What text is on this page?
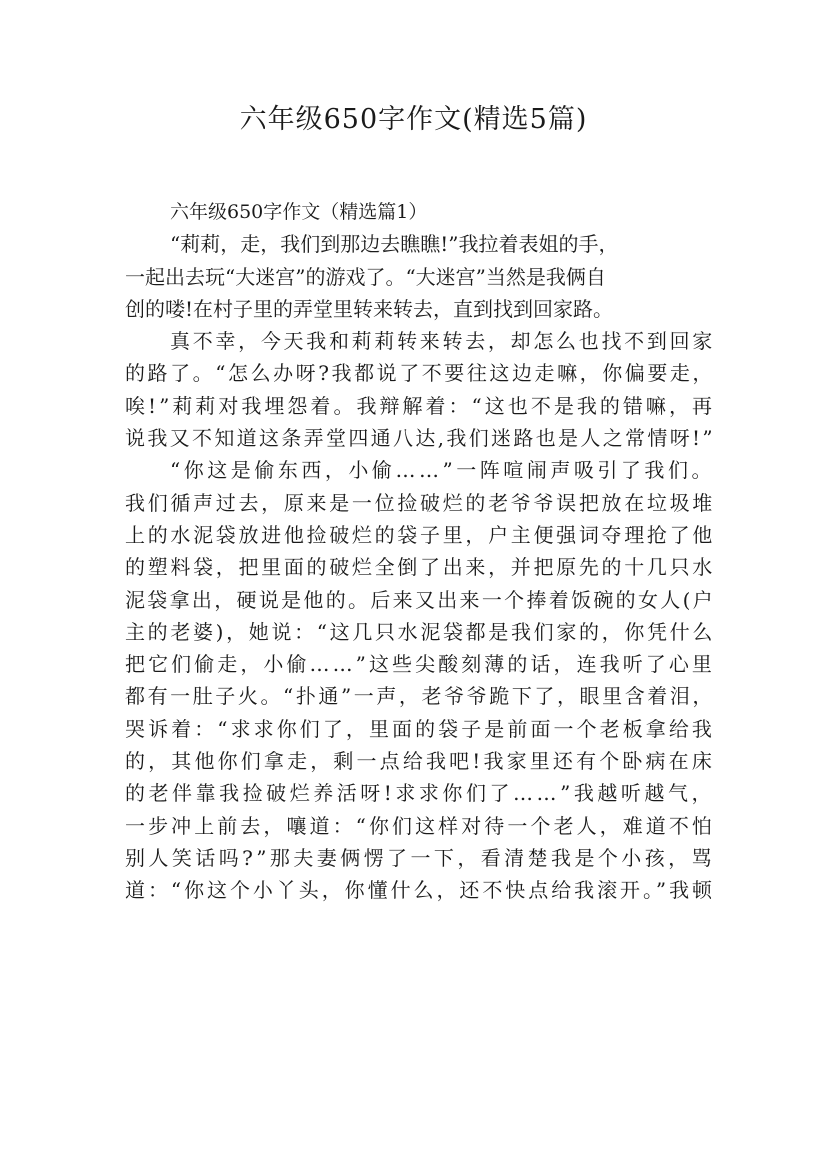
六年级650字作文(精选5篇)
六年级650字作文（精选篇1）
“莉莉，走，我们到那边去瞧瞧!”我拉着表姐的手，
一起出去玩“大迷宫”的游戏了。“大迷宫”当然是我俩自
创的喽!在村子里的弄堂里转来转去，直到找到回家路。
真不幸，今天我和莉莉转来转去，却怎么也找不到回家
的路了。“怎么办呀?我都说了不要往这边走嘛，你偏要走，
唉!”莉莉对我埋怨着。我辩解着：“这也不是我的错嘛，再
说我又不知道这条弄堂四通八达,我们迷路也是人之常情呀!”
“你这是偷东西，小偷……”一阵喧闹声吸引了我们。
我们循声过去，原来是一位捡破烂的老爷爷误把放在垃圾堆
上的水泥袋放进他捡破烂的袋子里，户主便强词夺理抢了他
的塑料袋，把里面的破烂全倒了出来，并把原先的十几只水
泥袋拿出，硬说是他的。后来又出来一个捧着饭碗的女人(户
主的老婆)，她说：“这几只水泥袋都是我们家的，你凭什么
把它们偷走，小偷……”这些尖酸刻薄的话，连我听了心里
都有一肚子火。“扑通”一声，老爷爷跪下了，眼里含着泪，
哭诉着：“求求你们了，里面的袋子是前面一个老板拿给我
的，其他你们拿走，剩一点给我吧!我家里还有个卧病在床
的老伴靠我捡破烂养活呀!求求你们了……”我越听越气，
一步冲上前去，嚷道：“你们这样对待一个老人，难道不怕
别人笑话吗?”那夫妻俩愣了一下，看清楚我是个小孩，骂
道：“你这个小丫头，你懂什么，还不快点给我滚开。”我顿
